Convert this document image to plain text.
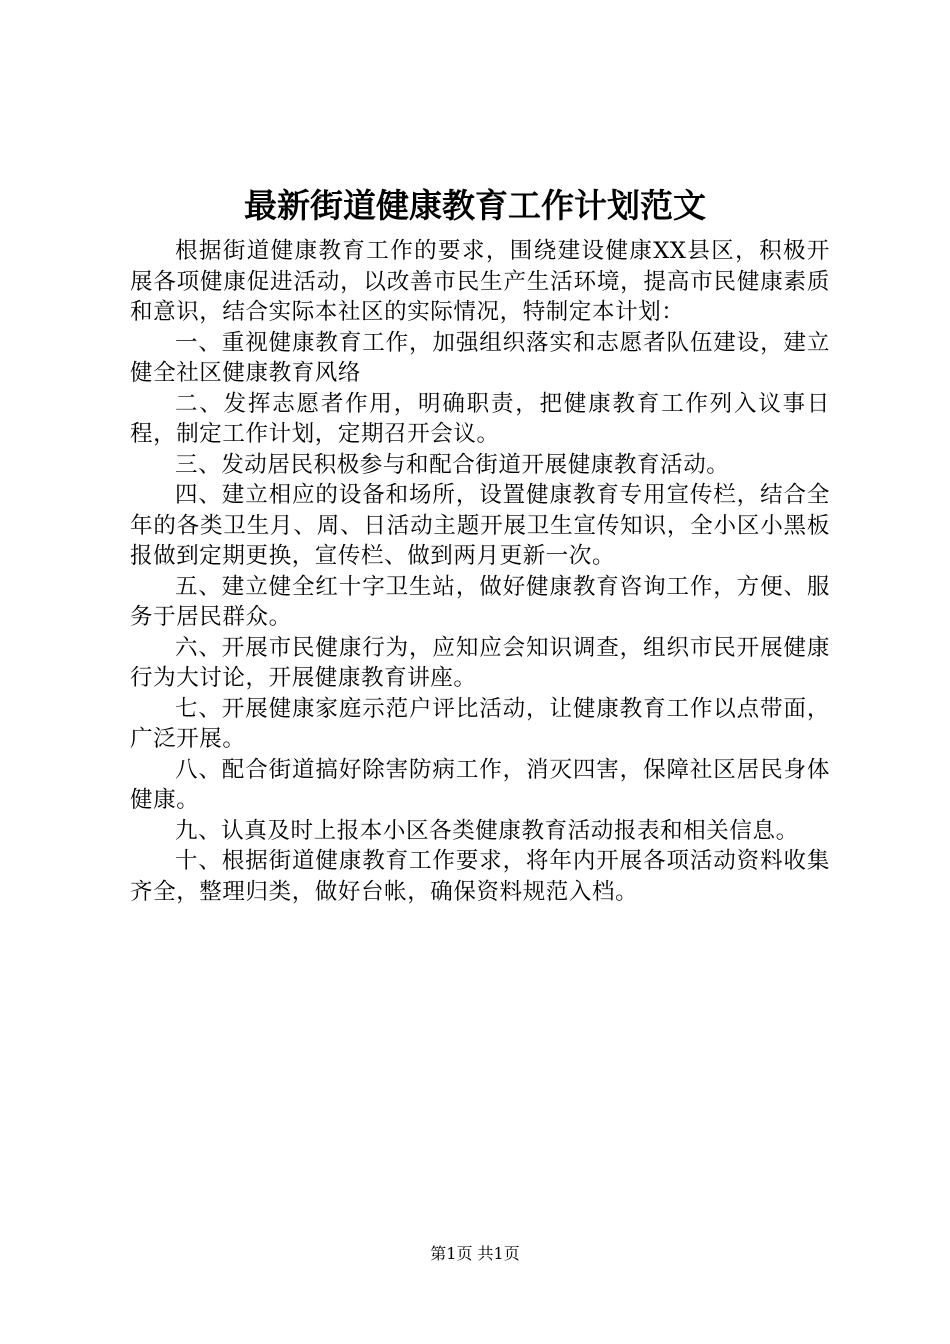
最新街道健康教育工作计划范文

根据街道健康教育工作的要求，围绕建设健康XX县区，积极开展各项健康促进活动，以改善市民生产生活环境，提高市民健康素质和意识，结合实际本社区的实际情况，特制定本计划：

一、重视健康教育工作，加强组织落实和志愿者队伍建设，建立健全社区健康教育风络

二、发挥志愿者作用，明确职责，把健康教育工作列入议事日程，制定工作计划，定期召开会议。

三、发动居民积极参与和配合街道开展健康教育活动。

四、建立相应的设备和场所，设置健康教育专用宣传栏，结合全年的各类卫生月、周、日活动主题开展卫生宣传知识，全小区小黑板报做到定期更换，宣传栏、做到两月更新一次。

五、建立健全红十字卫生站，做好健康教育咨询工作，方便、服务于居民群众。

六、开展市民健康行为，应知应会知识调查，组织市民开展健康行为大讨论，开展健康教育讲座。

七、开展健康家庭示范户评比活动，让健康教育工作以点带面，广泛开展。

八、配合街道搞好除害防病工作，消灭四害，保障社区居民身体健康。

九、认真及时上报本小区各类健康教育活动报表和相关信息。

十、根据街道健康教育工作要求，将年内开展各项活动资料收集齐全，整理归类，做好台帐，确保资料规范入档。

第1页 共1页
